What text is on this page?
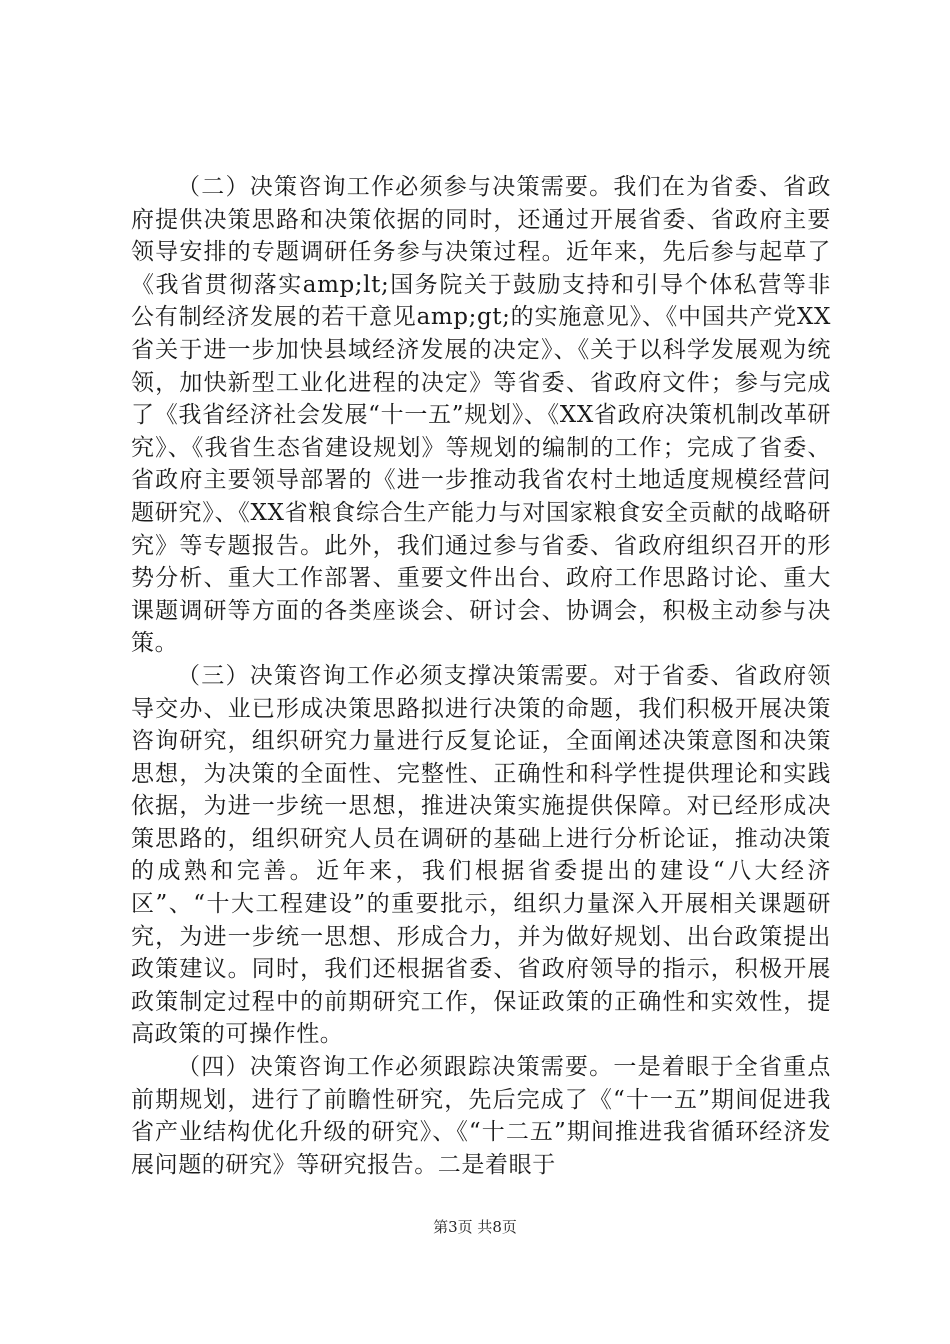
（二）决策咨询工作必须参与决策需要。我们在为省委、省政府提供决策思路和决策依据的同时，还通过开展省委、省政府主要领导安排的专题调研任务参与决策过程。近年来，先后参与起草了《我省贯彻落实amp;lt;国务院关于鼓励支持和引导个体私营等非公有制经济发展的若干意见amp;gt;的实施意见》、《中国共产党XX省关于进一步加快县域经济发展的决定》、《关于以科学发展观为统领，加快新型工业化进程的决定》等省委、省政府文件；参与完成了《我省经济社会发展“十一五”规划》、《XX省政府决策机制改革研究》、《我省生态省建设规划》等规划的编制的工作；完成了省委、省政府主要领导部署的《进一步推动我省农村土地适度规模经营问题研究》、《XX省粮食综合生产能力与对国家粮食安全贡献的战略研究》等专题报告。此外，我们通过参与省委、省政府组织召开的形势分析、重大工作部署、重要文件出台、政府工作思路讨论、重大课题调研等方面的各类座谈会、研讨会、协调会，积极主动参与决策。

（三）决策咨询工作必须支撑决策需要。对于省委、省政府领导交办、业已形成决策思路拟进行决策的命题，我们积极开展决策咨询研究，组织研究力量进行反复论证，全面阐述决策意图和决策思想，为决策的全面性、完整性、正确性和科学性提供理论和实践依据，为进一步统一思想，推进决策实施提供保障。对已经形成决策思路的，组织研究人员在调研的基础上进行分析论证，推动决策的成熟和完善。近年来，我们根据省委提出的建设“八大经济区”、“十大工程建设”的重要批示，组织力量深入开展相关课题研究，为进一步统一思想、形成合力，并为做好规划、出台政策提出政策建议。同时，我们还根据省委、省政府领导的指示，积极开展政策制定过程中的前期研究工作，保证政策的正确性和实效性，提高政策的可操作性。

（四）决策咨询工作必须跟踪决策需要。一是着眼于全省重点前期规划，进行了前瞻性研究，先后完成了《“十一五”期间促进我省产业结构优化升级的研究》、《“十二五”期间推进我省循环经济发展问题的研究》等研究报告。二是着眼于

第3页 共8页
